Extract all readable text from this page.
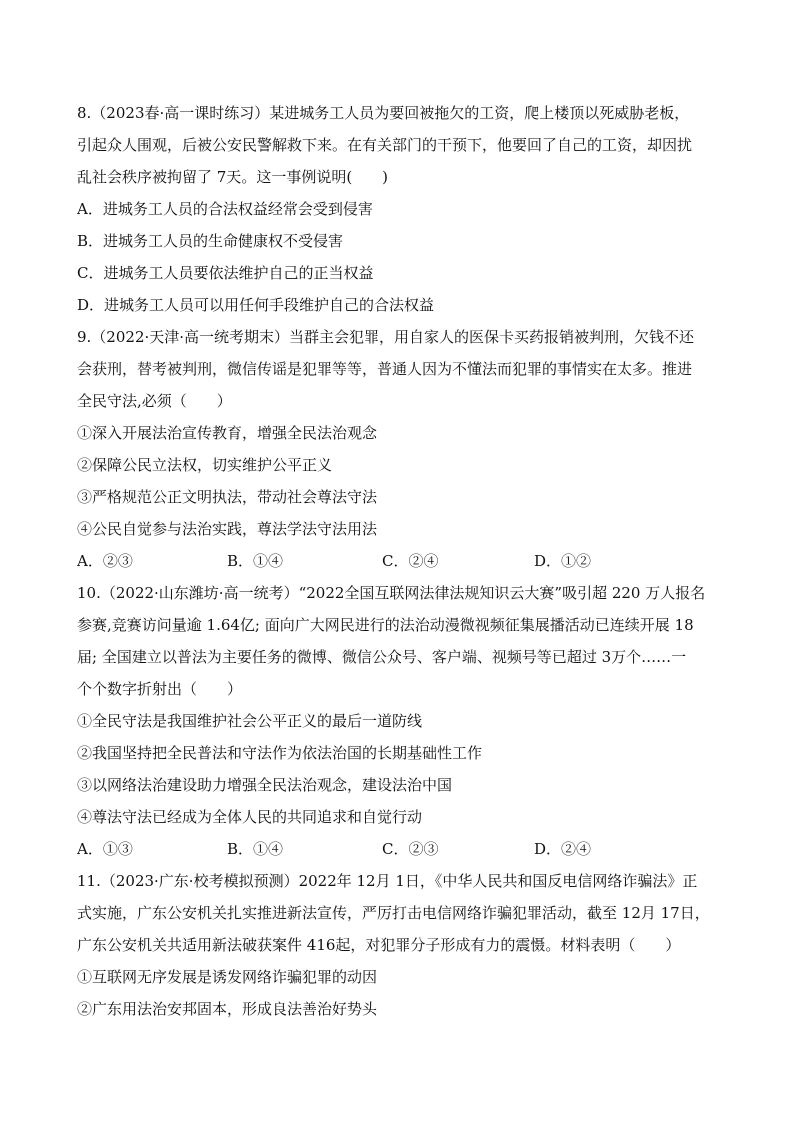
8.（2023春·高一课时练习）某进城务工人员为要回被拖欠的工资，爬上楼顶以死威胁老板，
引起众人围观，后被公安民警解救下来。在有关部门的干预下，他要回了自己的工资，却因扰
乱社会秩序被拘留了 7天。这一事例说明(　　)
A．进城务工人员的合法权益经常会受到侵害
B．进城务工人员的生命健康权不受侵害
C．进城务工人员要依法维护自己的正当权益
D．进城务工人员可以用任何手段维护自己的合法权益
9.（2022·天津·高一统考期末）当群主会犯罪，用自家人的医保卡买药报销被判刑，欠钱不还
会获刑，替考被判刑，微信传谣是犯罪等等，普通人因为不懂法而犯罪的事情实在太多。推进
全民守法,必须（　　）
①深入开展法治宣传教育，增强全民法治观念
②保障公民立法权，切实维护公平正义
③严格规范公正文明执法，带动社会尊法守法
④公民自觉参与法治实践，尊法学法守法用法
A．②③	B．①④	C．②④	D．①②
10.（2022·山东潍坊·高一统考）“2022全国互联网法律法规知识云大赛”吸引超 220 万人报名
参赛,竞赛访问量逾 1.64亿; 面向广大网民进行的法治动漫微视频征集展播活动已连续开展 18
届; 全国建立以普法为主要任务的微博、微信公众号、客户端、视频号等已超过 3万个……一
个个数字折射出（　　）
①全民守法是我国维护社会公平正义的最后一道防线
②我国坚持把全民普法和守法作为依法治国的长期基础性工作
③以网络法治建设助力增强全民法治观念，建设法治中国
④尊法守法已经成为全体人民的共同追求和自觉行动
A．①③	B．①④	C．②③	D．②④
11.（2023·广东·校考模拟预测）2022年 12月 1日，《中华人民共和国反电信网络诈骗法》正
式实施，广东公安机关扎实推进新法宣传，严厉打击电信网络诈骗犯罪活动，截至 12月 17日，
广东公安机关共适用新法破获案件 416起，对犯罪分子形成有力的震慑。材料表明（　　）
①互联网无序发展是诱发网络诈骗犯罪的动因
②广东用法治安邦固本，形成良法善治好势头
